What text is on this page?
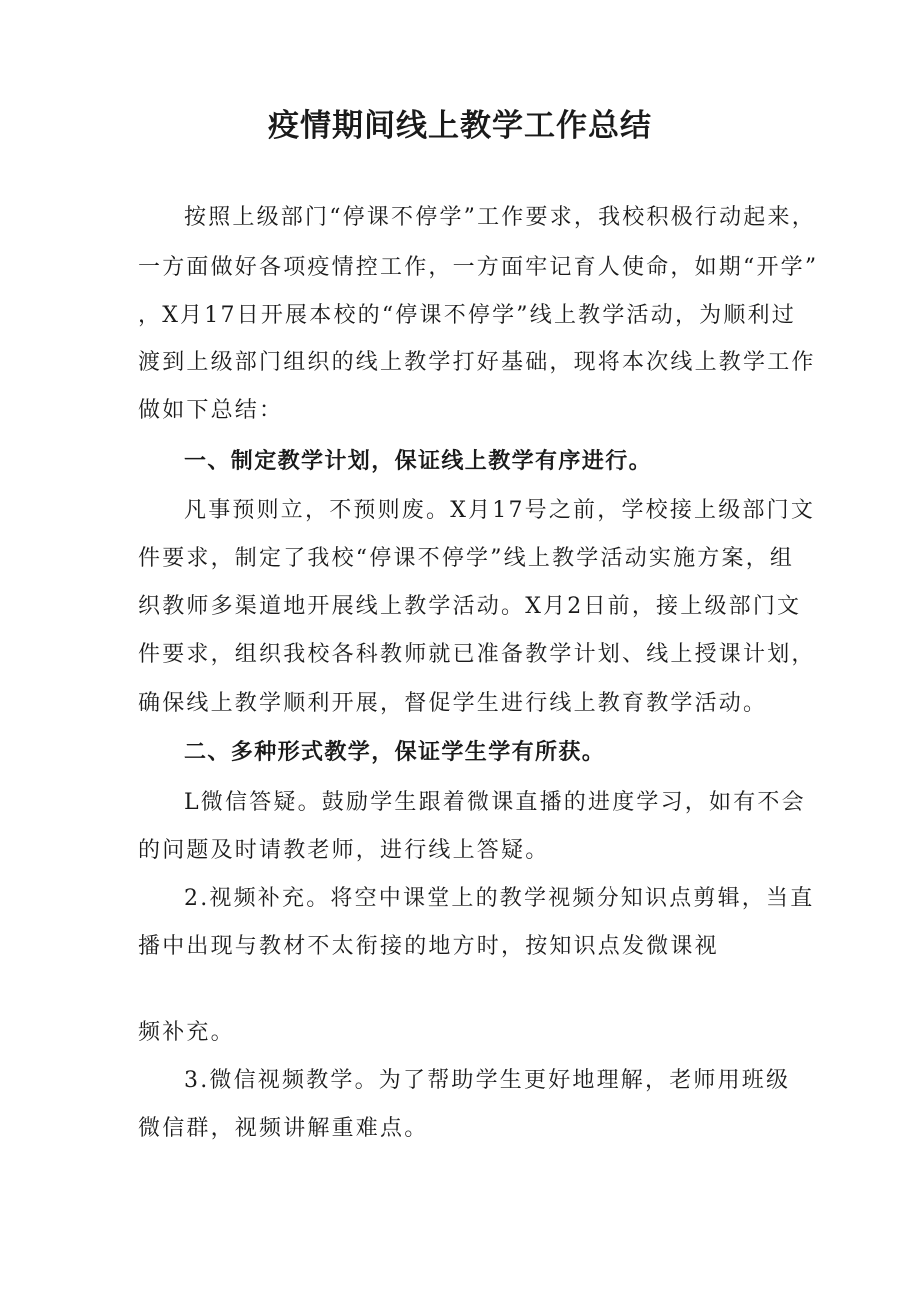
疫情期间线上教学工作总结

按照上级部门“停课不停学”工作要求，我校积极行动起来，

一方面做好各项疫情控工作，一方面牢记育人使命，如期“开学”

，X月17日开展本校的“停课不停学”线上教学活动，为顺利过

渡到上级部门组织的线上教学打好基础，现将本次线上教学工作

做如下总结：

一、制定教学计划，保证线上教学有序进行。

凡事预则立，不预则废。X月17号之前，学校接上级部门文

件要求，制定了我校“停课不停学”线上教学活动实施方案，组

织教师多渠道地开展线上教学活动。X月2日前，接上级部门文

件要求，组织我校各科教师就已准备教学计划、线上授课计划，

确保线上教学顺利开展，督促学生进行线上教育教学活动。

二、多种形式教学，保证学生学有所获。

L微信答疑。鼓励学生跟着微课直播的进度学习，如有不会

的问题及时请教老师，进行线上答疑。

2.视频补充。将空中课堂上的教学视频分知识点剪辑，当直

播中出现与教材不太衔接的地方时，按知识点发微课视

频补充。

3.微信视频教学。为了帮助学生更好地理解，老师用班级

微信群，视频讲解重难点。
